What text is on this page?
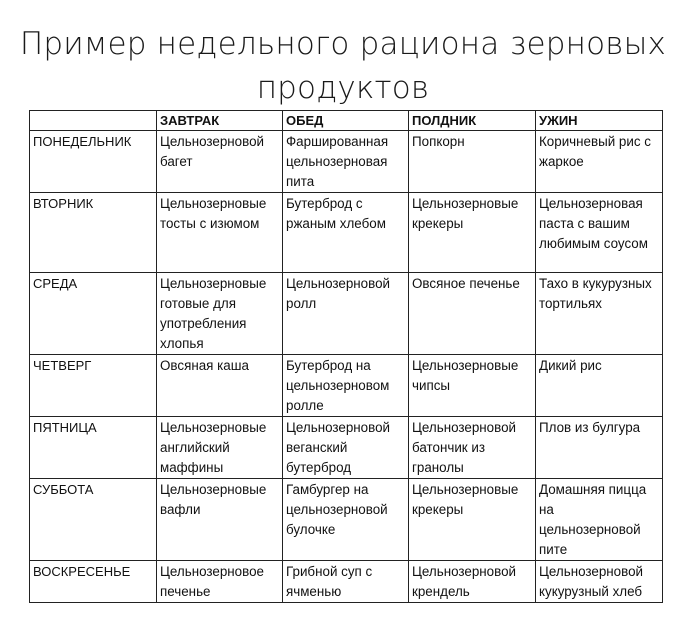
Пример недельного рациона зерновых
продуктов
	ЗАВТРАК	ОБЕД	ПОЛДНИК	УЖИН
ПОНЕДЕЛЬНИК	Цельнозерновой багет	Фаршированная цельнозерновая пита	Попкорн	Коричневый рис с жаркое
ВТОРНИК	Цельнозерновые тосты с изюмом	Бутерброд с ржаным хлебом	Цельнозерновые крекеры	Цельнозерновая паста с вашим любимым соусом
СРЕДА	Цельнозерновые готовые для употребления хлопья	Цельнозерновой ролл	Овсяное печенье	Тахо в кукурузных тортильях
ЧЕТВЕРГ	Овсяная каша	Бутерброд на цельнозерновом ролле	Цельнозерновые чипсы	Дикий рис
ПЯТНИЦА	Цельнозерновые английский маффины	Цельнозерновой веганский бутерброд	Цельнозерновой батончик из гранолы	Плов из булгура
СУББОТА	Цельнозерновые вафли	Гамбургер на цельнозерновой булочке	Цельнозерновые крекеры	Домашняя пицца на цельнозерновой пите
ВОСКРЕСЕНЬЕ	Цельнозерновое печенье	Грибной суп с ячменью	Цельнозерновой крендель	Цельнозерновой кукурузный хлеб
